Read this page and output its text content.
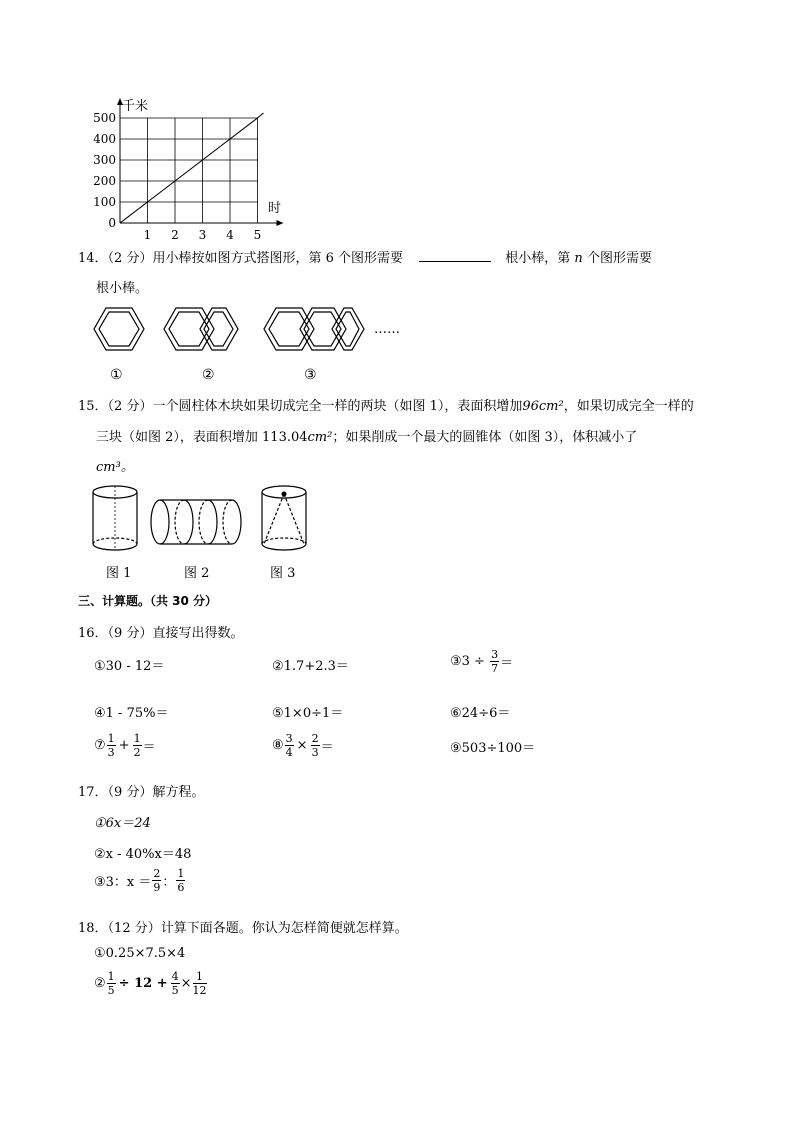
千米
时
500
400
300
200
100
0
1 2 3 4 5
14．（2 分）用小棒按如图方式搭图形，第 6 个图形需要	根小棒，第 n 个图形需要
根小棒。
……
①	②	③
15．（2 分）一个圆柱体木块如果切成完全一样的两块（如图 1），表面积增加96cm²，如果切成完全一样的
三块（如图 2），表面积增加 113.04cm²；如果削成一个最大的圆锥体（如图 3），体积减小了
cm³。
图 1	图 2	图 3
三、计算题。（共 30 分）
16．（9 分）直接写出得数。
①30 - 12＝	②1.7+2.3＝	③3 ÷ $\frac{3}{7}$ ＝
④1 - 75%＝	⑤1×0÷1＝	⑥24÷6＝
⑦ $\frac{1}{3} + \frac{1}{2}$ ＝	⑧ $\frac{3}{4} \times \frac{2}{3}$ ＝	⑨503÷100＝
17．（9 分）解方程。
①6x＝24
②x - 40%x＝48
③3：$x = \frac{2}{9}$ ： $\frac{1}{6}$
18．（12 分）计算下面各题。你认为怎样简便就怎样算。
①0.25×7.5×4
② $\frac{1}{5} \div 12 + \frac{4}{5} \times \frac{1}{12}$
